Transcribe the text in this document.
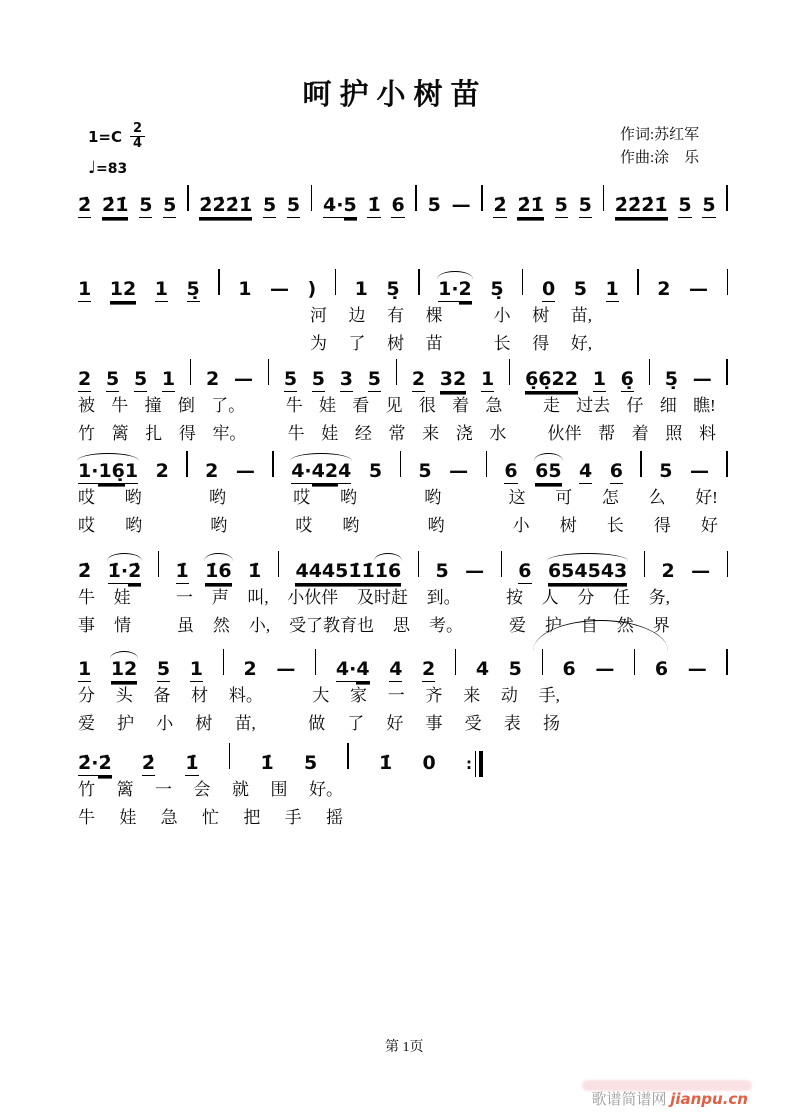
呵护小树苗
$1=C \frac{2}{4}$
♩=83
作词:苏红军
作曲:涂　乐
2̇ 2̇1̇ 5 5 2̇2̇2̇1̇ 5 5 4·5 1̇ 6 5 — 2̇ 2̇1̇ 5 5 2̇2̇2̇1̇ 5 5
1 12 1 5̣ 1 — ) 1 5̣ 1·2 5̣ 0 5 1 2 —
河 边 有 棵	小 树 苗,
为 了 树 苗	长 得 好,
2 5 5 1 2 — 5 5 3 5 2 32 1 6̣6̣22 1 6̣ 5̣ —
被 牛 撞 倒 了。 牛 娃 看 见 很 着 急 走 过去 仔 细 瞧!
竹 篱 扎 得 牢。 牛 娃 经 常 来 浇 水 伙伴 帮 着 照 料
1·16̣1 2 2 — 4·424 5 5 — 6 65 4 6 5 —
哎 哟	哟	哎 哟	哟	这 可 怎 么 好!
哎 哟	哟	哎 哟	哟	小 树 长 得 好
2̇ 1̇·2̇ 1̇ 1̇6 1̇ 44451̇1̇1̇6 5 — 6 654543 2 —
牛 娃	一 声 叫, 小伙伴 及时赶 到。	按 人 分 任 务,
事 情	虽 然 小, 受了教育也 思 考。	爱 护 自 然 界
1 12 5 1 2 — 4·4 4 2 4 5 6 — 6 —
分 头 备 材 料。	大 家 一 齐 来 动 手,
爱 护 小 树 苗,	做 了 好 事 受 表 扬
2̇·2̇ 2̇ 1̇	1̇ 5	1̇ 0 :
竹 篱 一 会 就 围 好。
牛 娃 急 忙 把 手 摇
第 1页
歌谱简谱网 jianpu.cn
